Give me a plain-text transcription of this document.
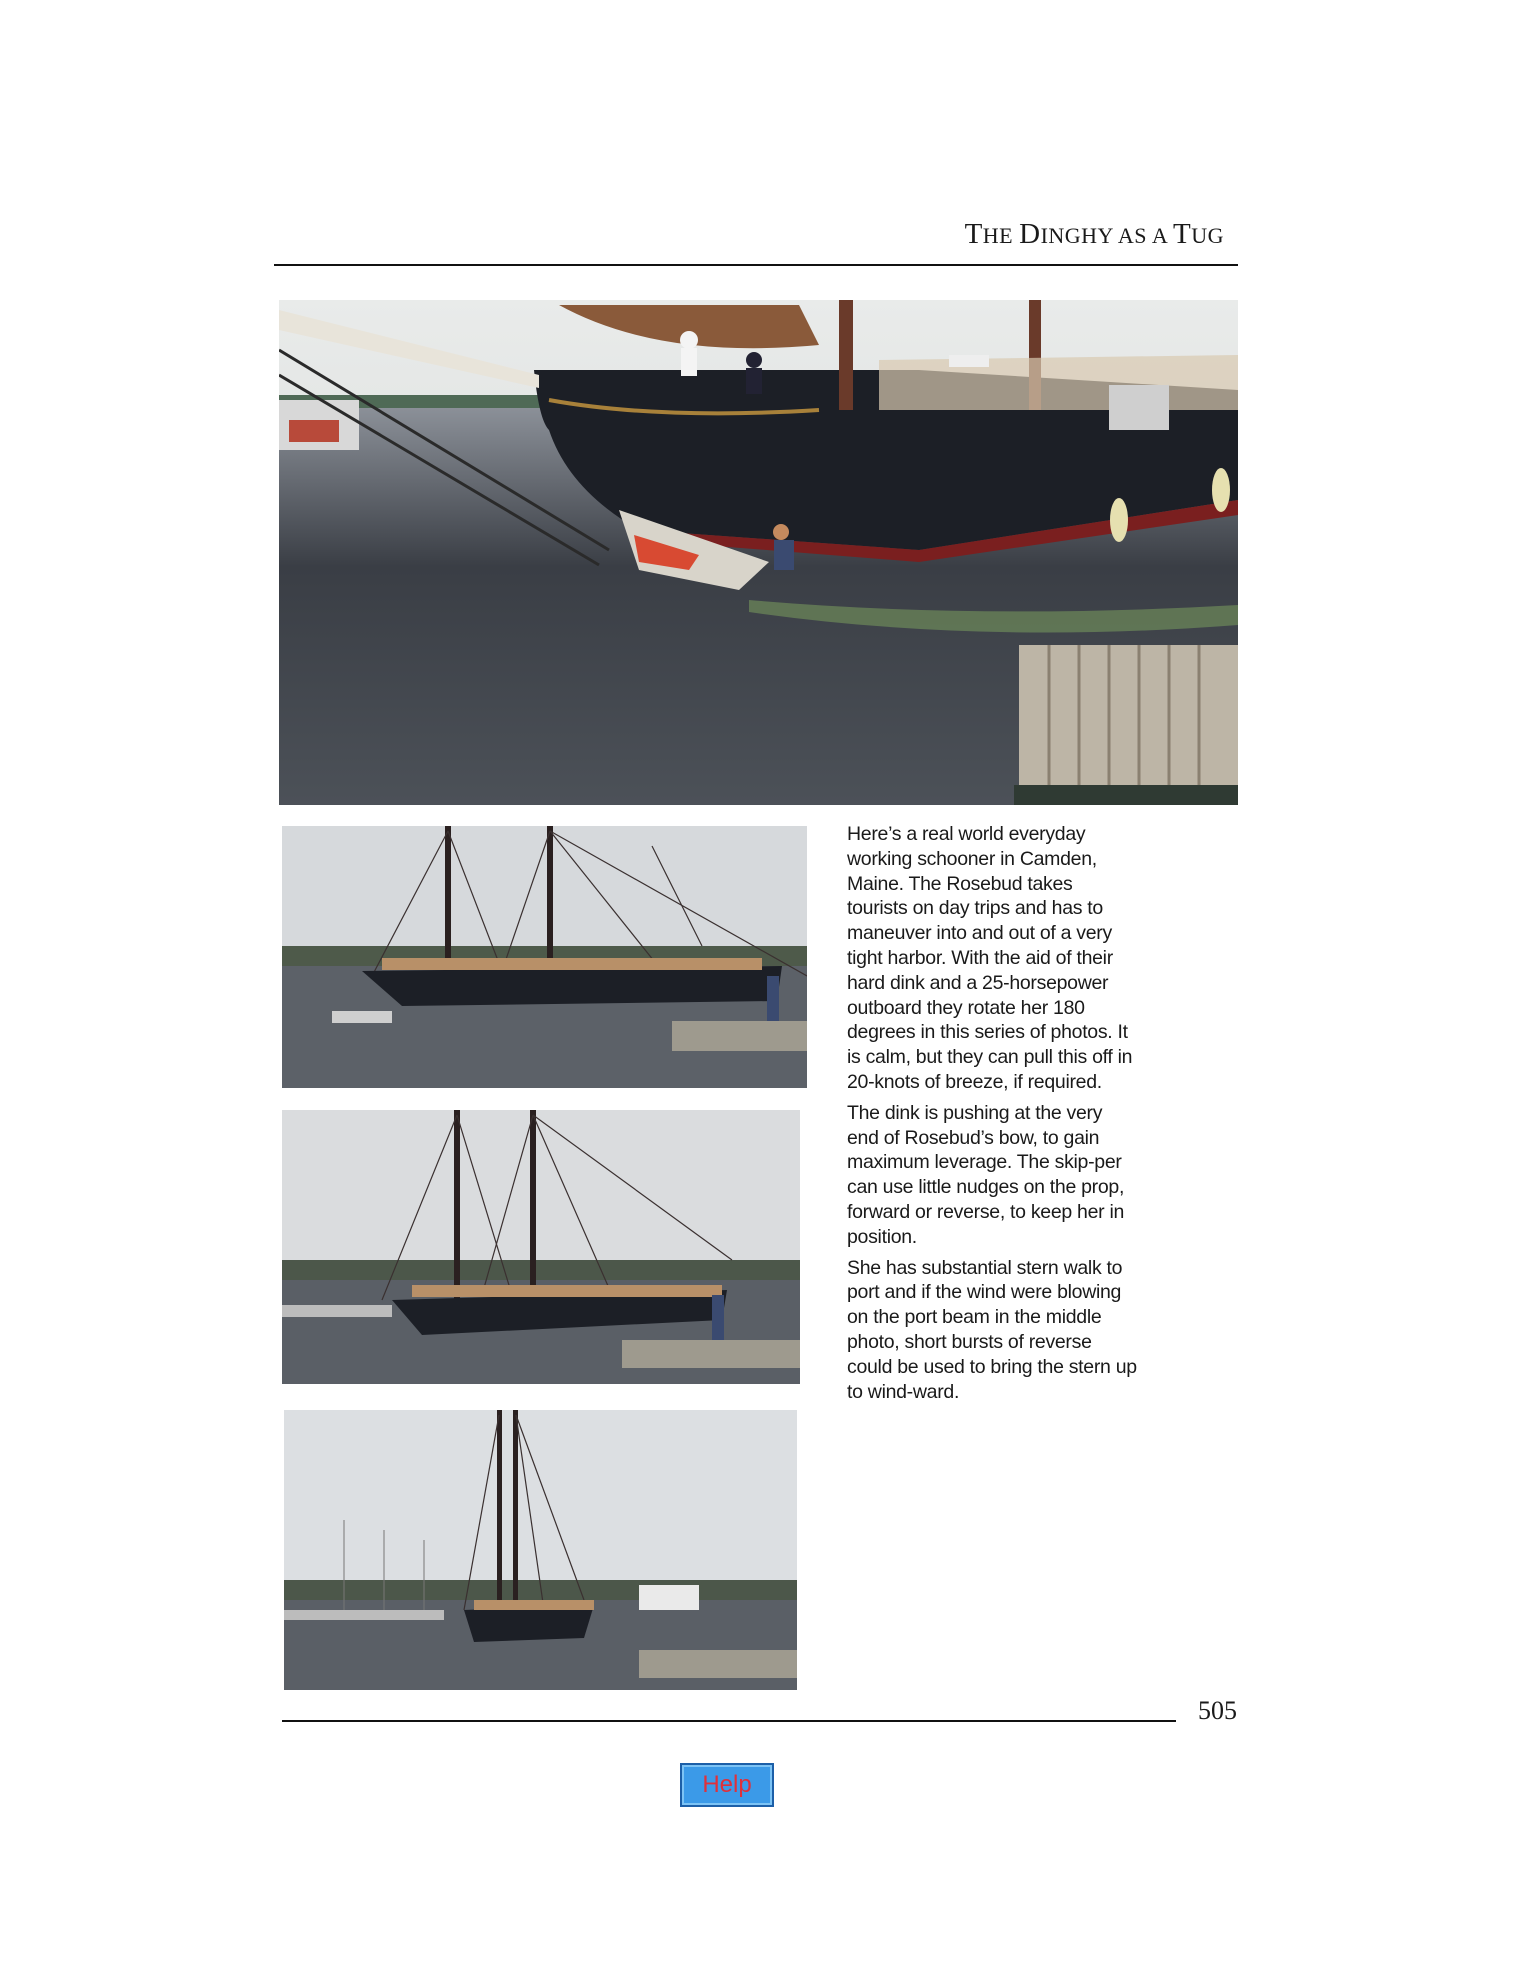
THE DINGHY AS A TUG

Here’s a real world everyday working schooner in Camden, Maine. The Rosebud takes tourists on day trips and has to maneuver into and out of a very tight harbor. With the aid of their hard dink and a 25-horsepower outboard they rotate her 180 degrees in this series of photos. It is calm, but they can pull this off in 20-knots of breeze, if required.

The dink is pushing at the very end of Rosebud’s bow, to gain maximum leverage. The skip-per can use little nudges on the prop, forward or reverse, to keep her in position.

She has substantial stern walk to port and if the wind were blowing on the port beam in the middle photo, short bursts of reverse could be used to bring the stern up to wind-ward.

505
Help
